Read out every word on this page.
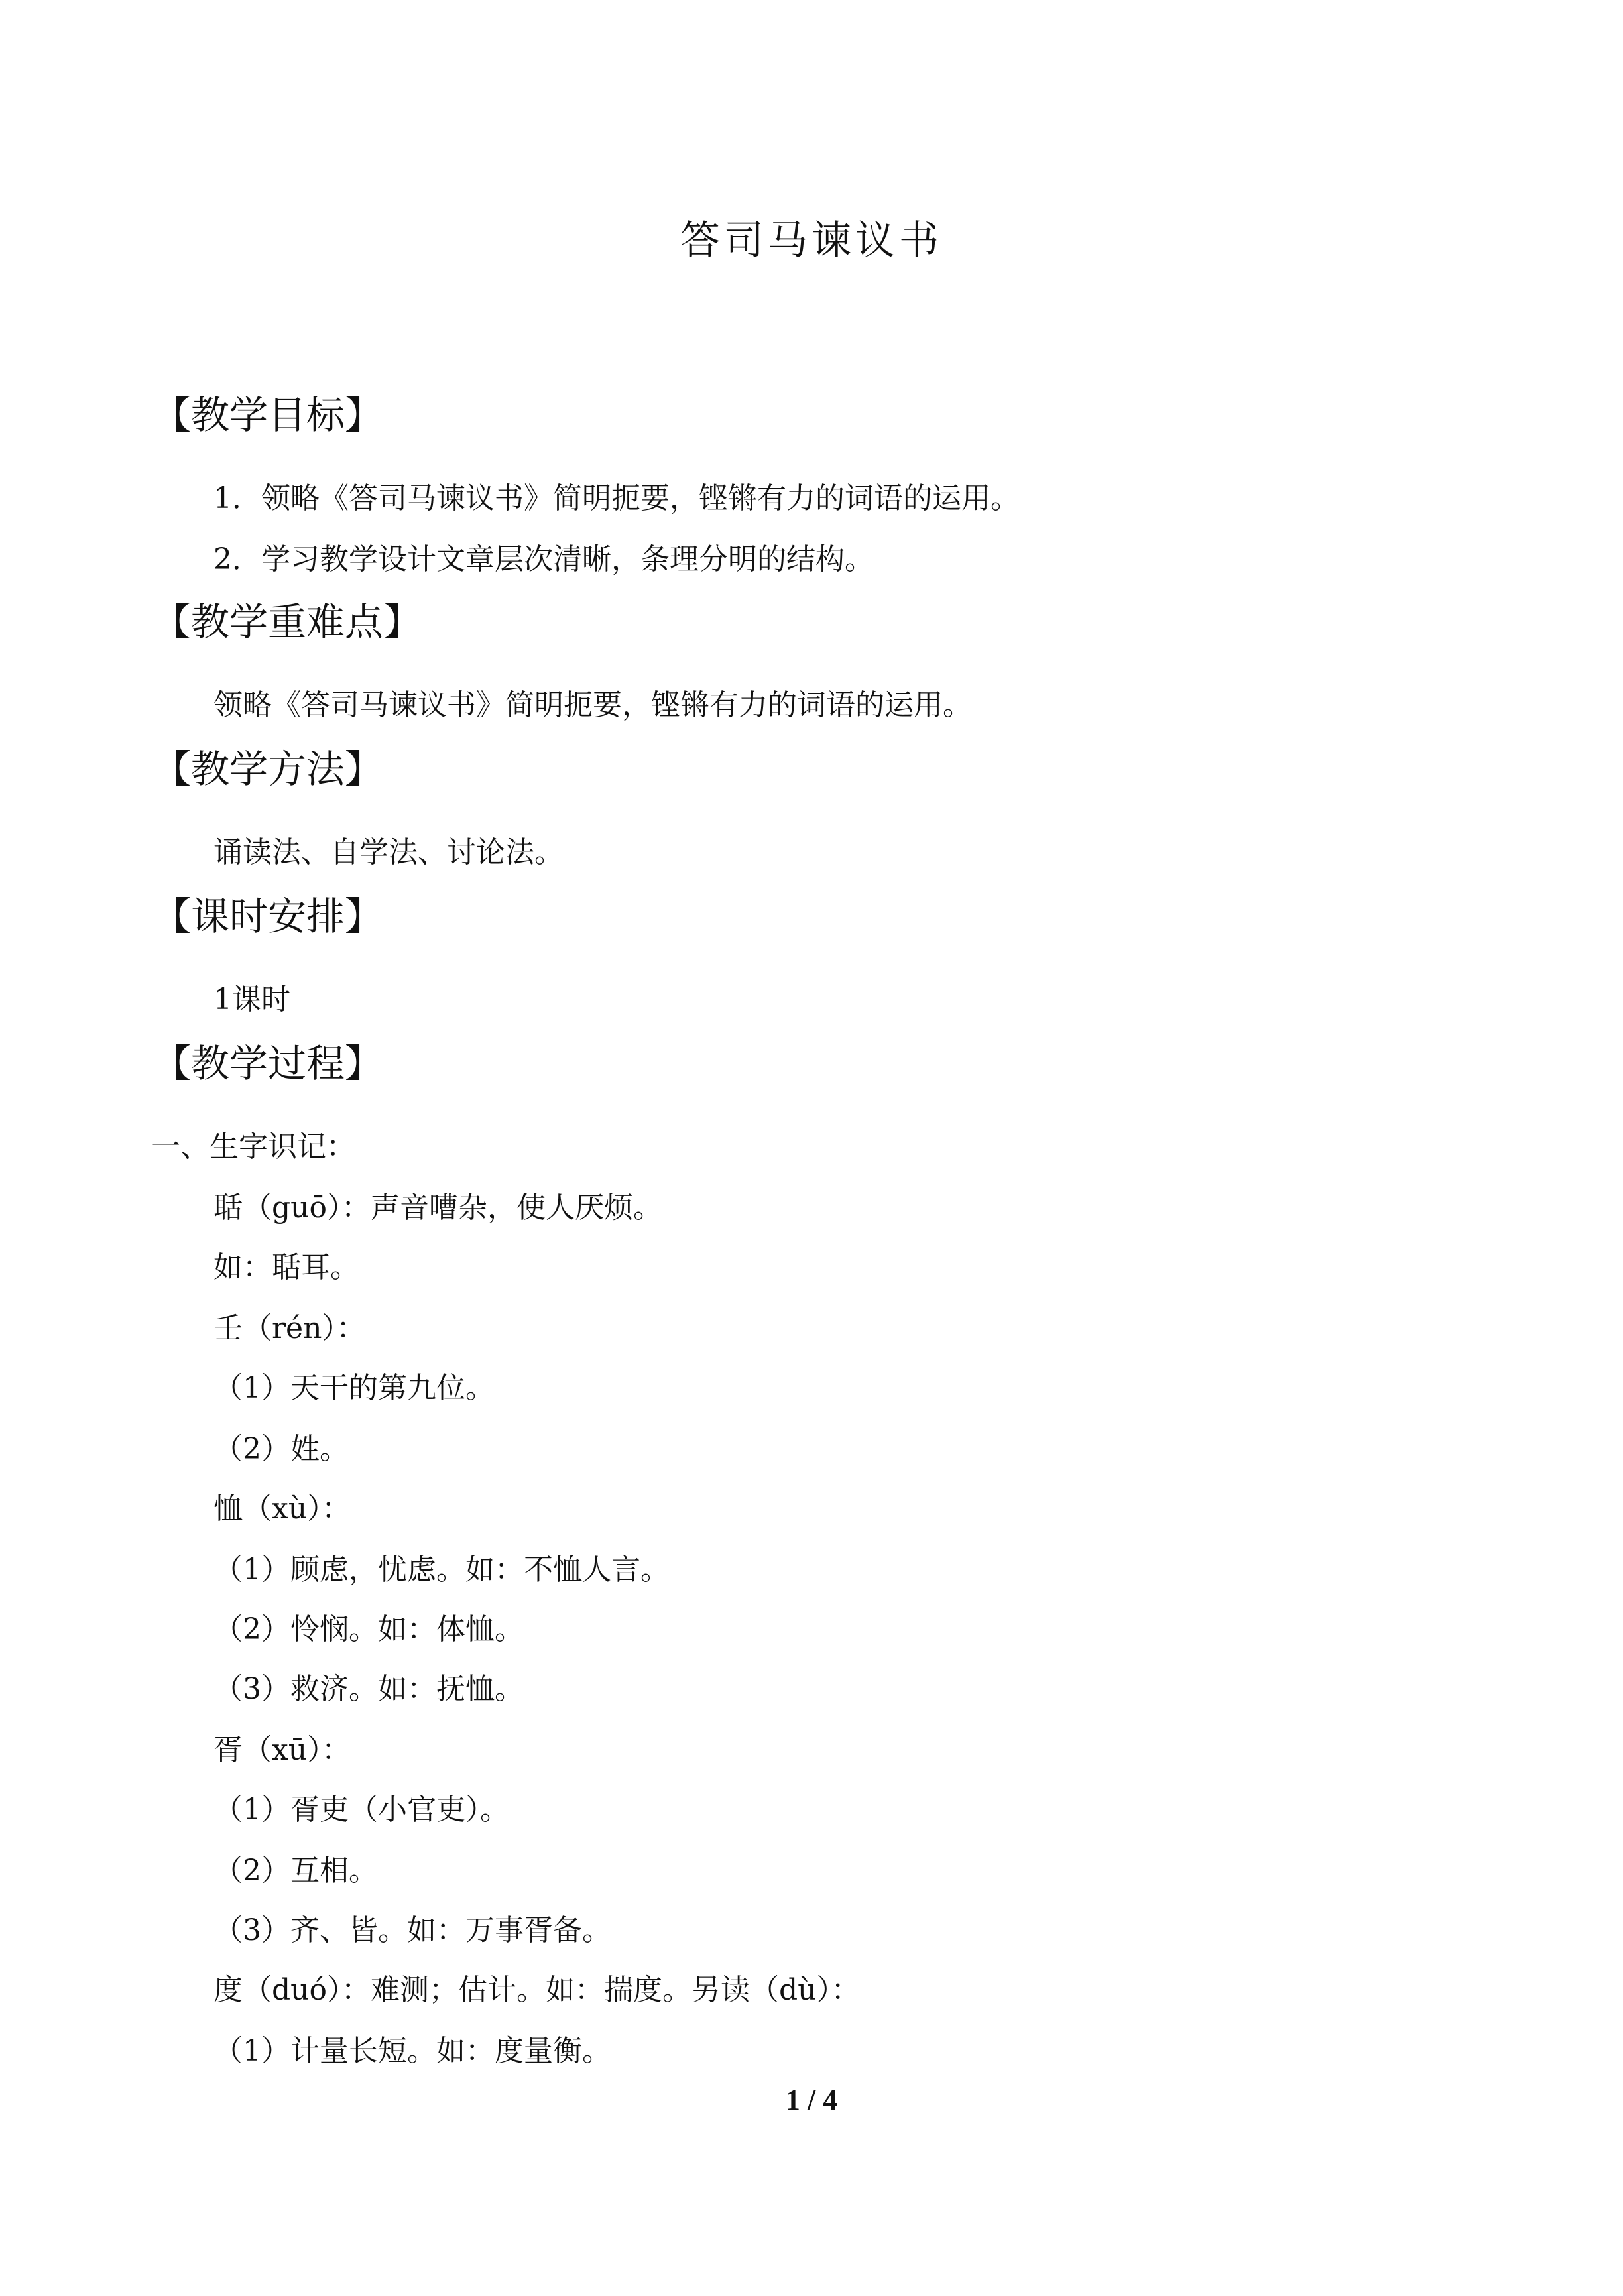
答司马谏议书
【教学目标】
1．领略《答司马谏议书》简明扼要，铿锵有力的词语的运用。
2．学习教学设计文章层次清晰，条理分明的结构。
【教学重难点】
领略《答司马谏议书》简明扼要，铿锵有力的词语的运用。
【教学方法】
诵读法、自学法、讨论法。
【课时安排】
1课时
【教学过程】
一、生字识记：
聒（guō）：声音嘈杂，使人厌烦。
如：聒耳。
壬（rén）：
（1）天干的第九位。
（2）姓。
恤（xù）：
（1）顾虑，忧虑。如：不恤人言。
（2）怜悯。如：体恤。
（3）救济。如：抚恤。
胥（xū）：
（1）胥吏（小官吏）。
（2）互相。
（3）齐、皆。如：万事胥备。
度（duó）：难测；估计。如：揣度。另读（dù）：
（1）计量长短。如：度量衡。
1 / 4
